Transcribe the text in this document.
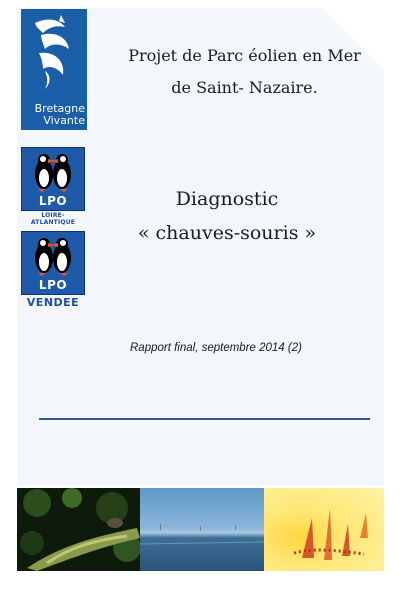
Bretagne
Vivante
LPO
LOIRE-ATLANTIQUE
LPO
VENDEE
Projet de Parc éolien en Mer
de Saint- Nazaire.
Diagnostic
« chauves-souris »
Rapport final, septembre 2014 (2)
